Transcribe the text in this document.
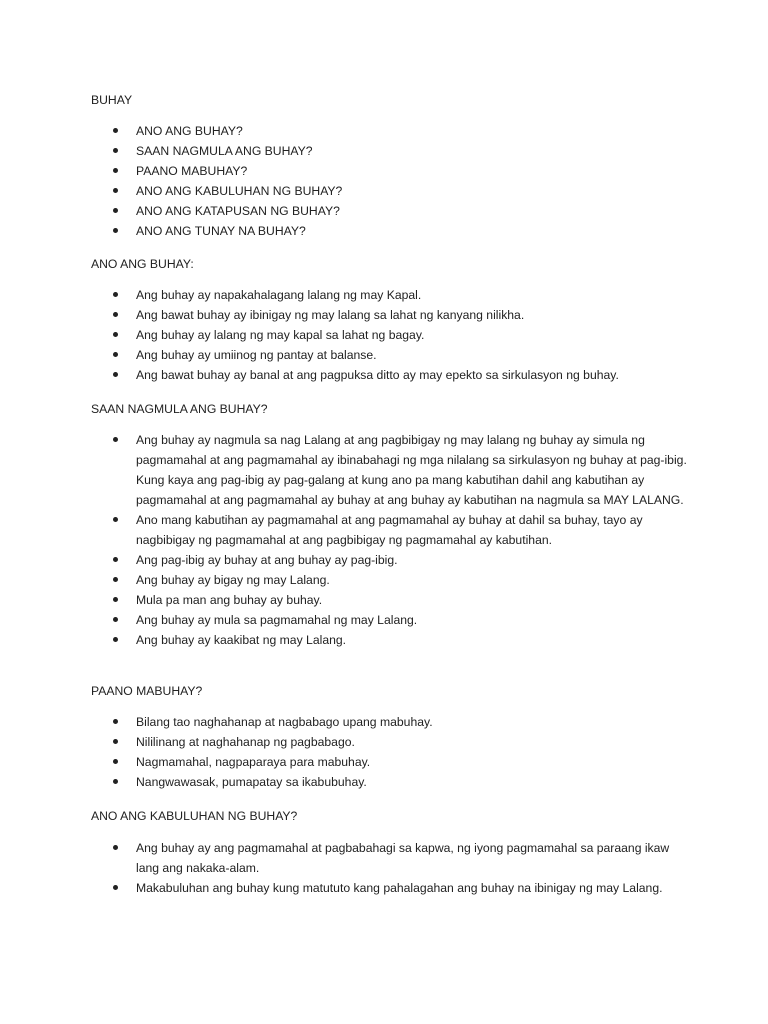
BUHAY

ANO ANG BUHAY?
SAAN NAGMULA ANG BUHAY?
PAANO MABUHAY?
ANO ANG KABULUHAN NG BUHAY?
ANO ANG KATAPUSAN NG BUHAY?
ANO ANG TUNAY NA BUHAY?

ANO ANG BUHAY:

Ang buhay ay napakahalagang lalang ng may Kapal.
Ang bawat buhay ay ibinigay ng may lalang sa lahat ng kanyang nilikha.
Ang buhay ay lalang ng may kapal sa lahat ng bagay.
Ang buhay ay umiinog ng pantay at balanse.
Ang bawat buhay ay banal at ang pagpuksa ditto ay may epekto sa sirkulasyon ng buhay.

SAAN NAGMULA ANG BUHAY?

Ang buhay ay nagmula sa nag Lalang at ang pagbibigay ng may lalang ng buhay ay simula ng pagmamahal at ang pagmamahal ay ibinabahagi ng mga nilalang sa sirkulasyon ng buhay at pag-ibig. Kung kaya ang pag-ibig ay pag-galang at kung ano pa mang kabutihan dahil ang kabutihan ay pagmamahal at ang pagmamahal ay buhay at ang buhay ay kabutihan na nagmula sa MAY LALANG.
Ano mang kabutihan ay pagmamahal at ang pagmamahal ay buhay at dahil sa buhay, tayo ay nagbibigay ng pagmamahal at ang pagbibigay ng pagmamahal ay kabutihan.
Ang pag-ibig ay buhay at ang buhay ay pag-ibig.
Ang buhay ay bigay ng may Lalang.
Mula pa man ang buhay ay buhay.
Ang buhay ay mula sa pagmamahal ng may Lalang.
Ang buhay ay kaakibat ng may Lalang.

PAANO MABUHAY?

Bilang tao naghahanap at nagbabago upang mabuhay.
Nililinang at naghahanap ng pagbabago.
Nagmamahal, nagpaparaya para mabuhay.
Nangwawasak, pumapatay sa ikabubuhay.

ANO ANG KABULUHAN NG BUHAY?

Ang buhay ay ang pagmamahal at pagbabahagi sa kapwa, ng iyong pagmamahal sa paraang ikaw lang ang nakaka-alam.
Makabuluhan ang buhay kung matututo kang pahalagahan ang buhay na ibinigay ng may Lalang.
